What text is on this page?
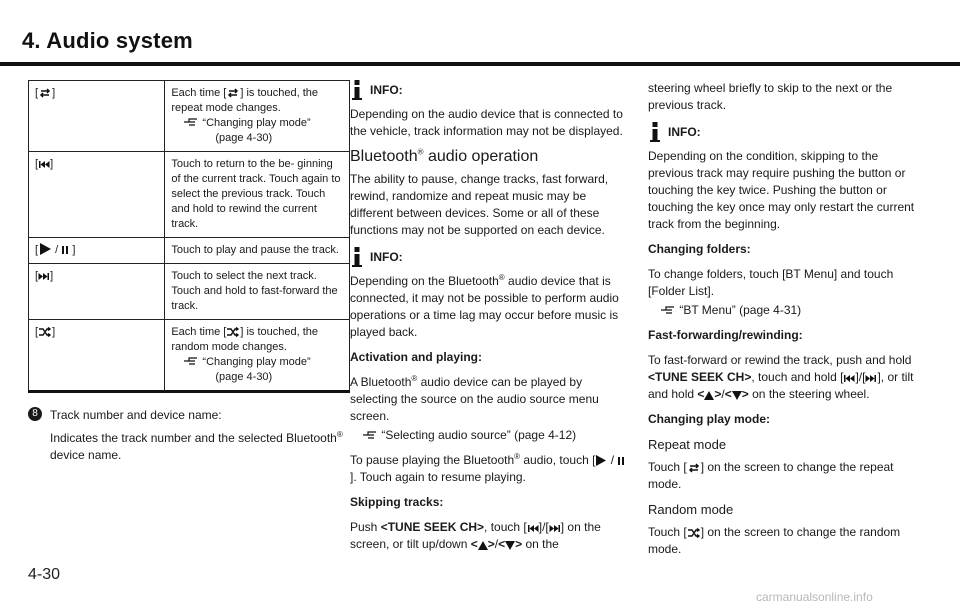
4. Audio system
[ ]	Each time [ ] is touched, the repeat mode changes.
“Changing play mode”
(page 4-30)

[ ]	Touch to return to the be- ginning of the current track. Touch again to select the previous track. Touch and hold to rewind the current track.
[ / ]	Touch to play and pause the track.
[ ]	Touch to select the next track. Touch and hold to fast-forward the track.
[ ]	Each time [ ] is touched, the random mode changes.
“Changing play mode”
(page 4-30)
8	Track number and device name:

Indicates the track number and the selected Bluetooth® device name.

INFO:

Depending on the audio device that is connected to the vehicle, track information may not be displayed.

Bluetooth® audio operation

The ability to pause, change tracks, fast forward, rewind, randomize and repeat music may be different between devices. Some or all of these functions may not be supported on each device.

INFO:

Depending on the Bluetooth® audio device that is connected, it may not be possible to perform audio operations or a time lag may occur before music is played back.

Activation and playing:

A Bluetooth® audio device can be played by selecting the source on the audio source menu screen.

“Selecting audio source” (page 4-12)

To pause playing the Bluetooth® audio, touch [ / ]. Touch again to resume playing.

Skipping tracks:

Push <TUNE SEEK CH>, touch [ ]/[ ] on the screen, or tilt up/down < >/< > on the

steering wheel briefly to skip to the next or the previous track.

INFO:

Depending on the condition, skipping to the previous track may require pushing the button or touching the key twice. Pushing the button or touching the key once may only restart the current track from the beginning.

Changing folders:

To change folders, touch [BT Menu] and touch [Folder List].

“BT Menu” (page 4-31)

Fast-forwarding/rewinding:

To fast-forward or rewind the track, push and hold <TUNE SEEK CH>, touch and hold [ ]/[ ], or tilt and hold < >/< > on the steering wheel.

Changing play mode:

Repeat mode

Touch [ ] on the screen to change the repeat mode.

Random mode

Touch [ ] on the screen to change the random mode.

4-30
carmanualsonline.info
